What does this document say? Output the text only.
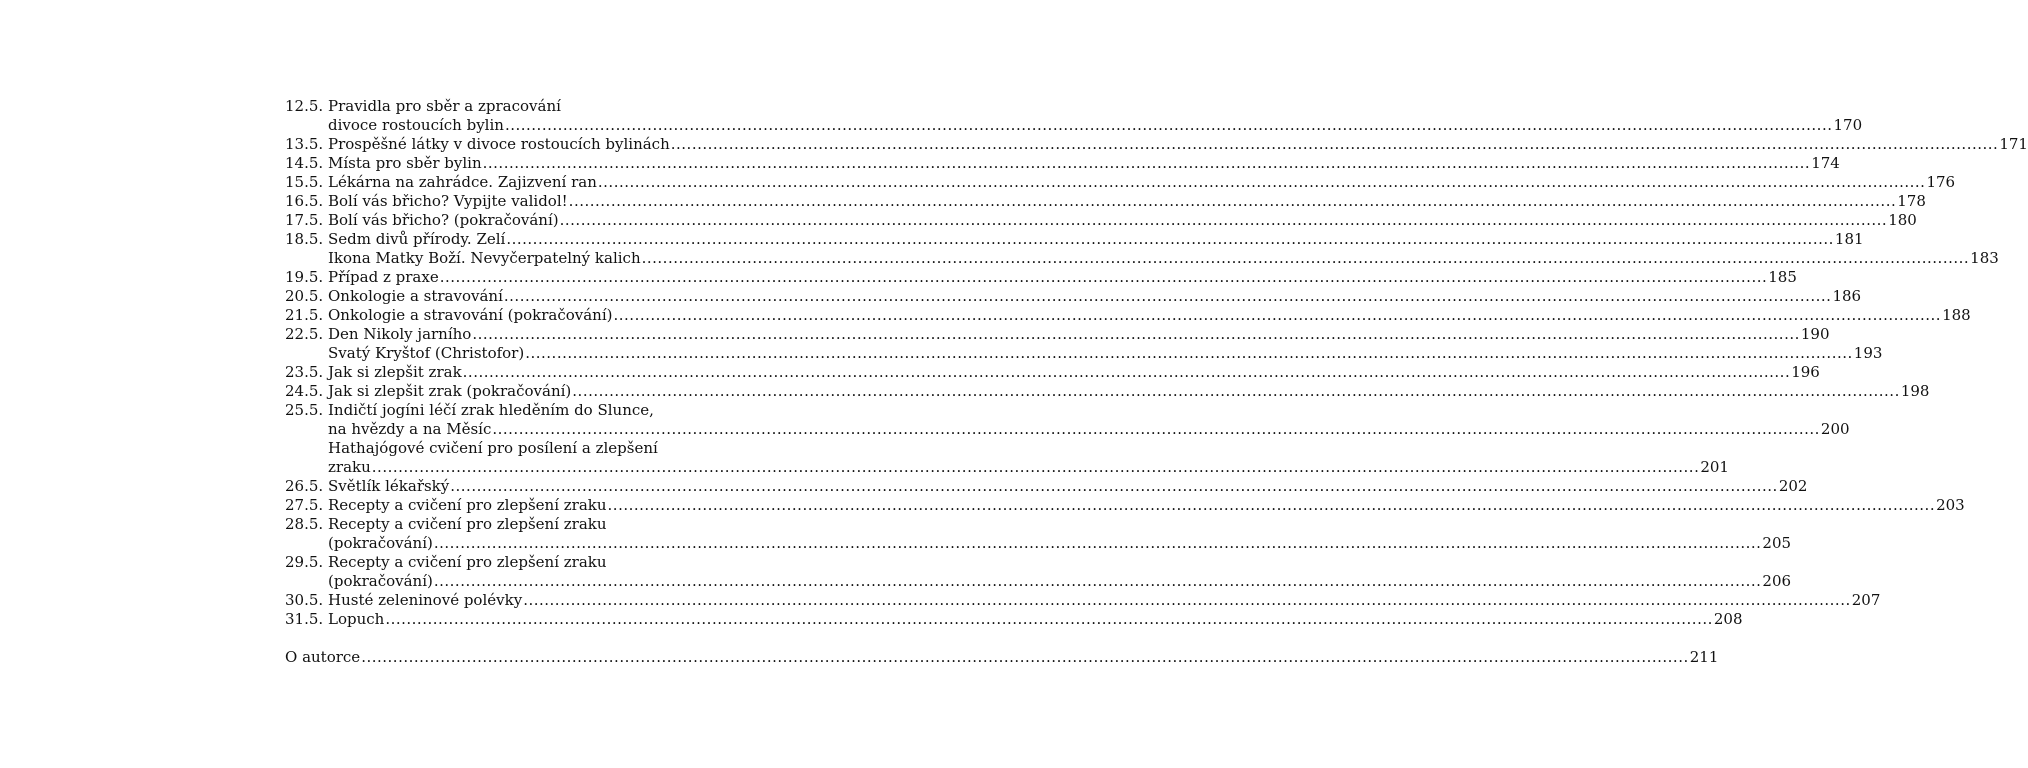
12.5. Pravidla pro sběr a zpracování
divoce rostoucích bylin .....	170
13.5. Prospěšné látky v divoce rostoucích bylinách .....	171
14.5. Místa pro sběr bylin .....	174
15.5. Lékárna na zahrádce. Zajizvení ran .....	176
16.5. Bolí vás břicho? Vypijte validol! .....	178
17.5. Bolí vás břicho? (pokračování) .....	180
18.5. Sedm divů přírody. Zelí .....	181
Ikona Matky Boží. Nevyčerpatelný kalich .....	183
19.5. Případ z praxe .....	185
20.5. Onkologie a stravování .....	186
21.5. Onkologie a stravování (pokračování) .....	188
22.5. Den Nikoly jarního .....	190
Svatý Kryštof (Christofor) .....	193
23.5. Jak si zlepšit zrak .....	196
24.5. Jak si zlepšit zrak (pokračování) .....	198
25.5. Indičtí jogíni léčí zrak hleděním do Slunce,
na hvězdy a na Měsíc .....	200
Hathajógové cvičení pro posílení a zlepšení
zraku .....	201
26.5. Světlík lékařský .....	202
27.5. Recepty a cvičení pro zlepšení zraku .....	203
28.5. Recepty a cvičení pro zlepšení zraku
(pokračování) .....	205
29.5. Recepty a cvičení pro zlepšení zraku
(pokračování) .....	206
30.5. Husté zeleninové polévky .....	207
31.5. Lopuch .....	208
O autorce .....	211
